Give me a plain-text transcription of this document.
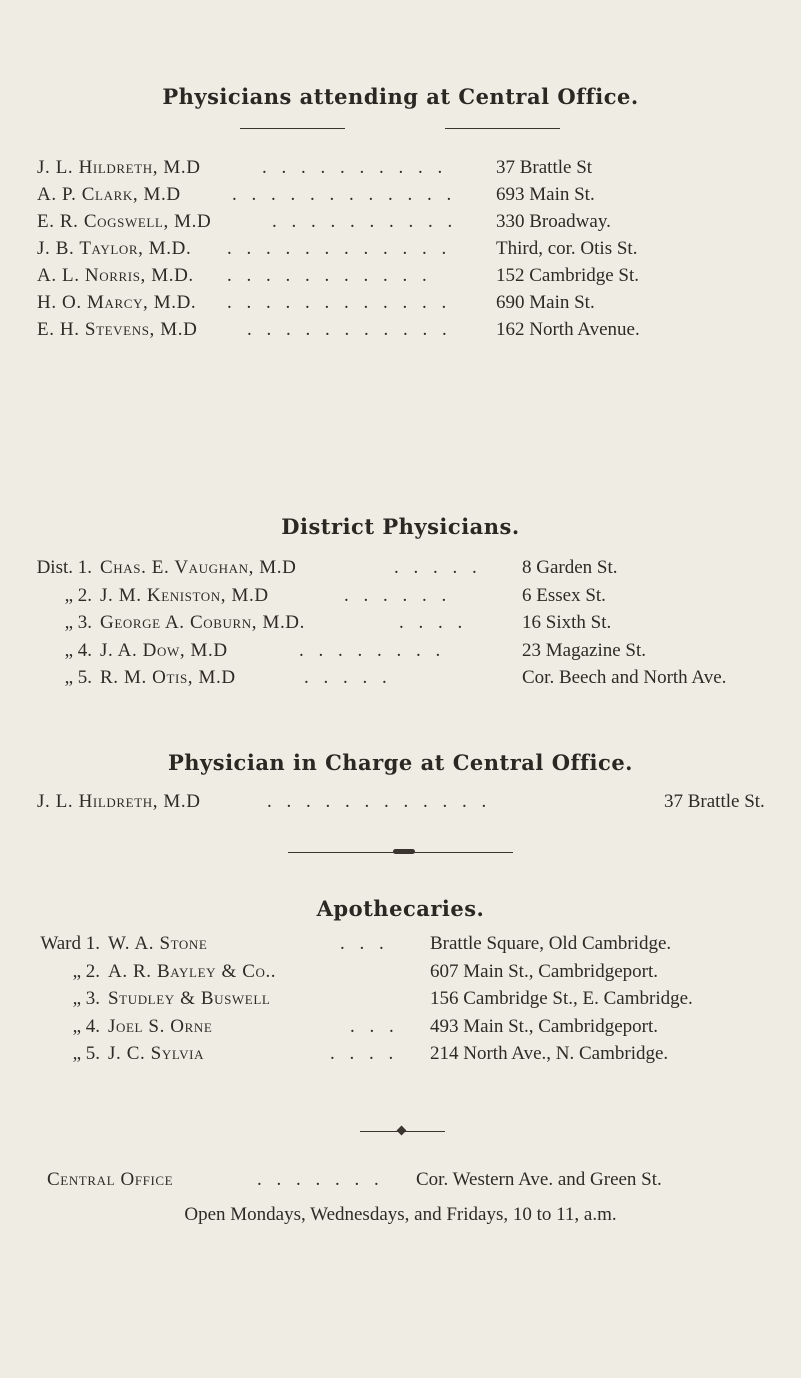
Physicians attending at Central Office.
J. L. Hildreth, M.D	. . . . . . . . . .	37 Brattle St
A. P. Clark, M.D	. . . . . . . . . . . . 693 Main St.
E. R. Cogswell, M.D	. . . . . . . . . . 330 Broadway.
J. B. Taylor, M.D. . . . . . . . . . . . . Third, cor. Otis St.
A. L. Norris, M.D. . . . . . . . . . . .	152 Cambridge St.
H. O. Marcy, M.D. . . . . . . . . . . . . 690 Main St.
E. H. Stevens, M.D	. . . . . . . . . . . 162 North Avenue.
District Physicians.
Dist. 1. Chas. E. Vaughan, M.D	. . . . . 8 Garden St.
„ 2. J. M. Keniston, M.D	. . . . . .	6 Essex St.
„ 3. George A. Coburn, M.D.	. . . .	16 Sixth St.
„ 4. J. A. Dow, M.D	. . . . . . . .	23 Magazine St.
„ 5. R. M. Otis, M.D	. . . . .	Cor. Beech and North Ave.
Physician in Charge at Central Office.
J. L. Hildreth, M.D	. . . . . . . . . . . .	37 Brattle St.
Apothecaries.
Ward 1. W. A. Stone	. . . Brattle Square, Old Cambridge.
„ 2. A. R. Bayley & Co..	607 Main St., Cambridgeport.
„ 3. Studley & Buswell	156 Cambridge St., E. Cambridge.
„ 4. Joel S. Orne	. . . 493 Main St., Cambridgeport.
„ 5. J. C. Sylvia	. . . . 214 North Ave., N. Cambridge.
Central Office	. . . . . . . Cor. Western Ave. and Green St.
Open Mondays, Wednesdays, and Fridays, 10 to 11, a.m.
